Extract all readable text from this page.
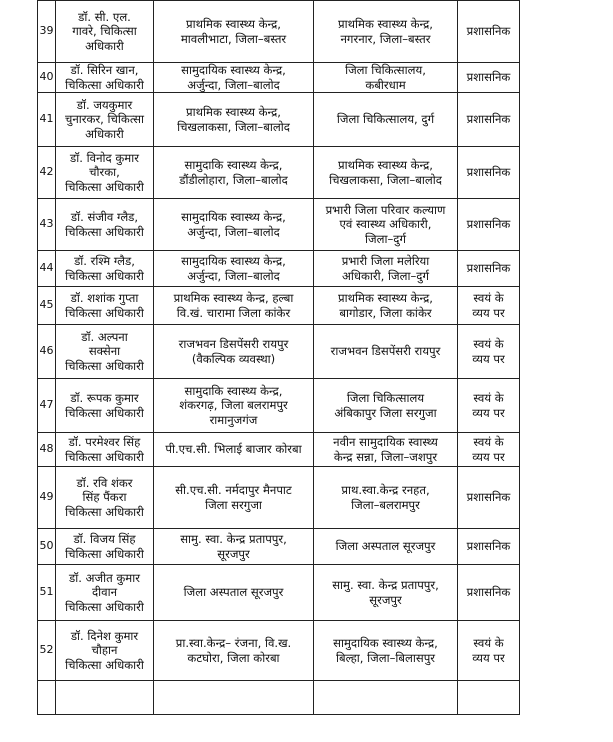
39	डॉ. सी. एल.
गावरे, चिकित्सा
अधिकारी	प्राथमिक स्वास्थ्य केन्द्र,
मावलीभाटा, जिला–बस्तर	प्राथमिक स्वास्थ्य केन्द्र,
नगरनार, जिला–बस्तर	प्रशासनिक

40	डॉ. सिरिन खान,
चिकित्सा अधिकारी	सामुदायिक स्वास्थ्य केन्द्र,
अर्जुन्दा, जिला–बालोद	जिला चिकित्सालय,
कबीरधाम	प्रशासनिक

41	डॉ. जयकुमार
चुनारकर, चिकित्सा
अधिकारी	प्राथमिक स्वास्थ्य केन्द्र,
चिखलाकसा, जिला–बालोद	जिला चिकित्सालय, दुर्ग	प्रशासनिक

42	डॉ. विनोद कुमार
चौरका,
चिकित्सा अधिकारी	सामुदाकि स्वास्थ्य केन्द्र,
डौंडीलोहारा, जिला–बालोद	प्राथमिक स्वास्थ्य केन्द्र,
चिखलाकसा, जिला–बालोद	प्रशासनिक

43	डॉ. संजीव ग्लैड,
चिकित्सा अधिकारी	सामुदायिक स्वास्थ्य केन्द्र,
अर्जुन्दा, जिला–बालोद	प्रभारी जिला परिवार कल्याण
एवं स्वास्थ्य अधिकारी,
जिला–दुर्ग	प्रशासनिक

44	डॉ. रश्मि ग्लैड,
चिकित्सा अधिकारी	सामुदायिक स्वास्थ्य केन्द्र,
अर्जुन्दा, जिला–बालोद	प्रभारी जिला मलेरिया
अधिकारी, जिला–दुर्ग	प्रशासनिक

45	डॉ. शशांक गुप्ता
चिकित्सा अधिकारी	प्राथमिक स्वास्थ्य केन्द्र, हल्बा
वि.खं. चारामा जिला कांकेर	प्राथमिक स्वास्थ्य केन्द्र,
बागोडार, जिला कांकेर	स्वयं के
व्यय पर

46	डॉ. अल्पना
सक्सेना
चिकित्सा अधिकारी	राजभवन डिसपेंसरी रायपुर
(वैकल्पिक व्यवस्था)	राजभवन डिसपेंसरी रायपुर	स्वयं के
व्यय पर

47	डॉ. रूपक कुमार
चिकित्सा अधिकारी	सामुदाकि स्वास्थ्य केन्द्र,
शंकरगढ़, जिला बलरामपुर
रामानुजगंज	जिला चिकित्सालय
अंबिकापुर जिला सरगुजा	स्वयं के
व्यय पर

48	डॉ. परमेश्वर सिंह
चिकित्सा अधिकारी	पी.एच.सी. भिलाई बाजार कोरबा	नवीन सामुदायिक स्वास्थ्य
केन्द्र सन्ना, जिला–जशपुर	स्वयं के
व्यय पर

49	डॉ. रवि शंकर
सिंह पैंकरा
चिकित्सा अधिकारी	सी.एच.सी. नर्मदापुर मैनपाट
जिला सरगुजा	प्राथ.स्वा.केन्द्र रनहत,
जिला–बलरामपुर	प्रशासनिक

50	डॉ. विजय सिंह
चिकित्सा अधिकारी	सामु. स्वा. केन्द्र प्रतापपुर,
सूरजपुर	जिला अस्पताल सूरजपुर	प्रशासनिक

51	डॉ. अजीत कुमार
दीवान
चिकित्सा अधिकारी	जिला अस्पताल सूरजपुर	सामु. स्वा. केन्द्र प्रतापपुर,
सूरजपुर	प्रशासनिक

52	डॉ. दिनेश कुमार
चौहान
चिकित्सा अधिकारी	प्रा.स्वा.केन्द्र– रंजना, वि.ख.
कटघोरा, जिला कोरबा	सामुदायिक स्वास्थ्य केन्द्र,
बिल्हा, जिला–बिलासपुर	स्वयं के
व्यय पर
